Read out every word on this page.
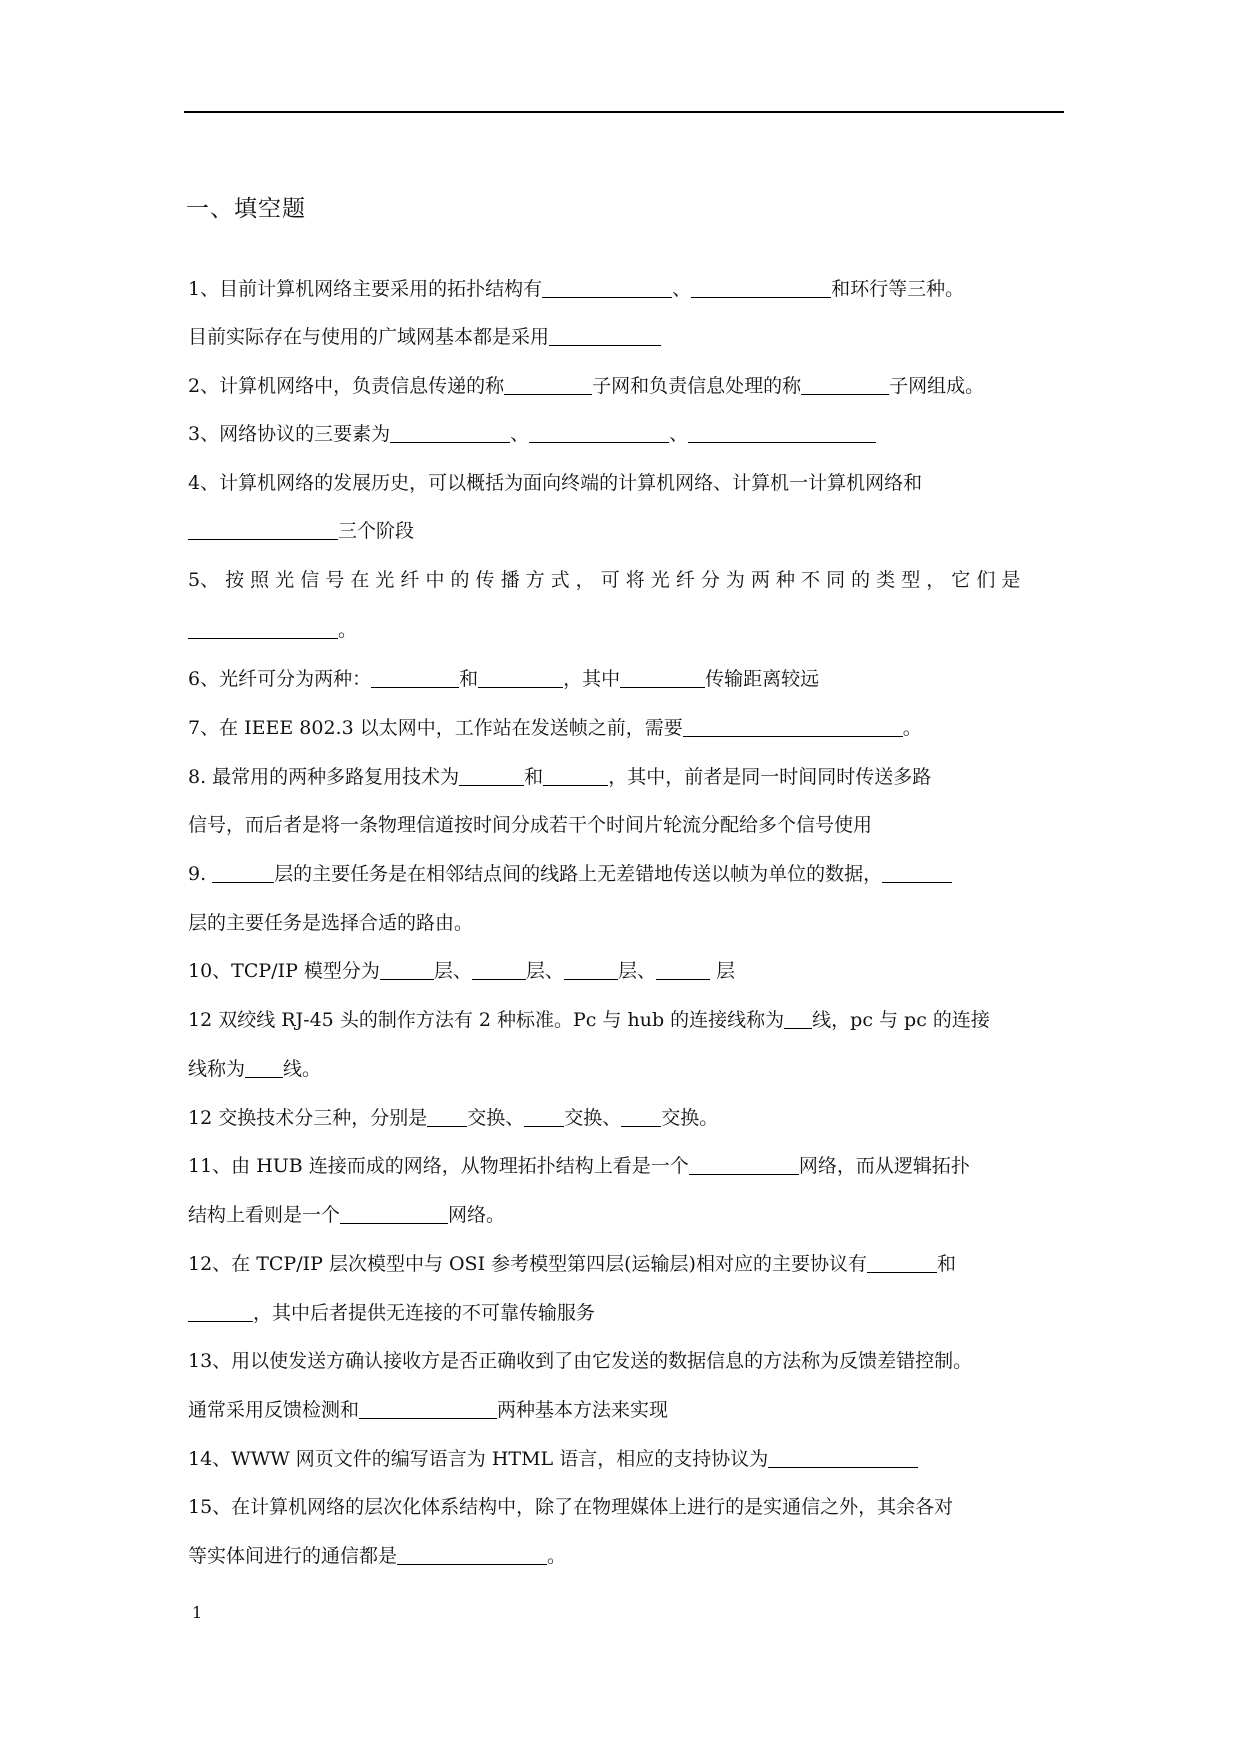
一、填空题
1、目前计算机网络主要采用的拓扑结构有	、	和环行等三种。
目前实际存在与使用的广域网基本都是采用
2、计算机网络中，负责信息传递的称	子网和负责信息处理的称	子网组成。
3、网络协议的三要素为	、	、
4、计算机网络的发展历史，可以概括为面向终端的计算机网络、计算机一计算机网络和
三个阶段
5、 按 照 光 信 号 在 光 纤 中 的 传 播 方 式 ， 可 将 光 纤 分 为 两 种 不 同 的 类 型 ， 它 们 是
。
6、光纤可分为两种：	和	，其中	传输距离较远
7、在 IEEE 802.3 以太网中，工作站在发送帧之前，需要	。
8. 最常用的两种多路复用技术为	和	，其中，前者是同一时间同时传送多路
信号，而后者是将一条物理信道按时间分成若干个时间片轮流分配给多个信号使用
9.	层的主要任务是在相邻结点间的线路上无差错地传送以帧为单位的数据，
层的主要任务是选择合适的路由。
10、TCP/IP 模型分为	层、	层、	层、	层
12 双绞线 RJ-45 头的制作方法有 2 种标准。Pc 与 hub 的连接线称为 线，pc 与 pc 的连接
线称为 线。
12 交换技术分三种，分别是 交换、 交换、 交换。
11、由 HUB 连接而成的网络，从物理拓扑结构上看是一个	网络，而从逻辑拓扑
结构上看则是一个	网络。
12、在 TCP/IP 层次模型中与 OSI 参考模型第四层(运输层)相对应的主要协议有	和
，其中后者提供无连接的不可靠传输服务
13、用以使发送方确认接收方是否正确收到了由它发送的数据信息的方法称为反馈差错控制。
通常采用反馈检测和	两种基本方法来实现
14、WWW 网页文件的编写语言为 HTML 语言，相应的支持协议为
15、在计算机网络的层次化体系结构中，除了在物理媒体上进行的是实通信之外，其余各对
等实体间进行的通信都是	。
1
